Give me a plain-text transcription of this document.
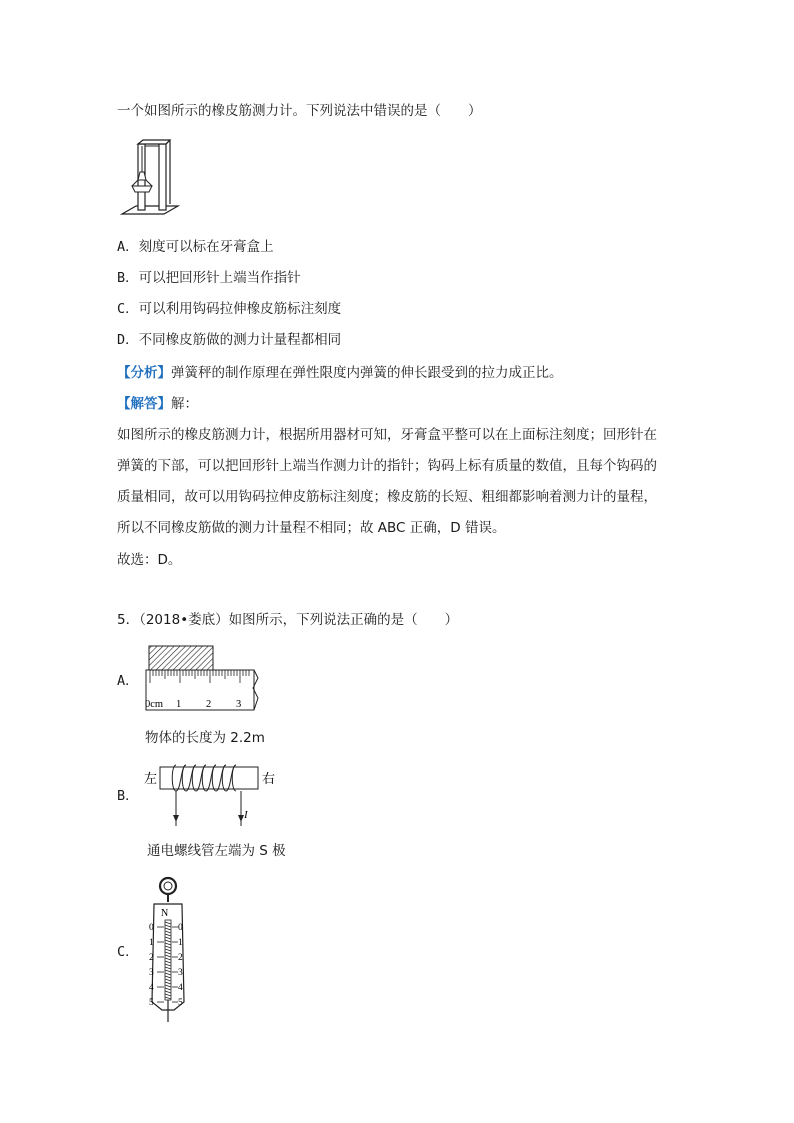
一个如图所示的橡皮筋测力计。下列说法中错误的是（　　）
A．刻度可以标在牙膏盒上
B．可以把回形针上端当作指针
C．可以利用钩码拉伸橡皮筋标注刻度
D．不同橡皮筋做的测力计量程都相同
【分析】弹簧秤的制作原理在弹性限度内弹簧的伸长跟受到的拉力成正比。
【解答】解：
如图所示的橡皮筋测力计，根据所用器材可知，牙膏盒平整可以在上面标注刻度；回形针在
弹簧的下部，可以把回形针上端当作测力计的指针；钩码上标有质量的数值，且每个钩码的
质量相同，故可以用钩码拉伸皮筋标注刻度；橡皮筋的长短、粗细都影响着测力计的量程，
所以不同橡皮筋做的测力计量程不相同；故 ABC 正确，D 错误。
故选：D。
5．（2018•娄底）如图所示，下列说法正确的是（　　）
A．
0cm 1 2 3
物体的长度为 2.2m
B．
左	右
I
通电螺线管左端为 S 极
C．
N
0	0
1	1
2	2
3	3
4	4
5	5
